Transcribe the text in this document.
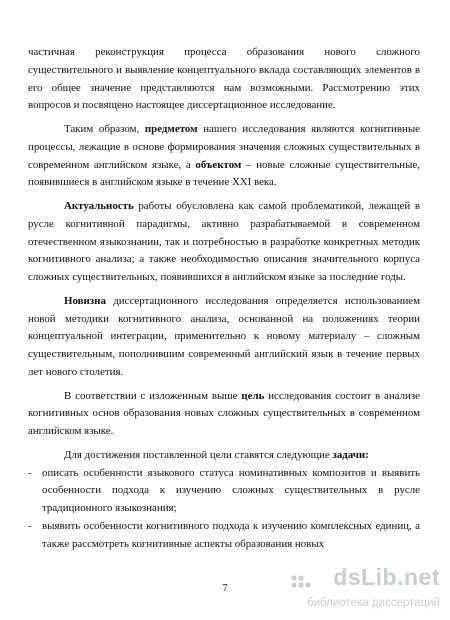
частичная реконструкция процесса образования нового сложного существительного и выявление концептуального вклада составляющих элементов в его общее значение представляются нам возможными. Рассмотрению этих вопросов и посвящено настоящее диссертационное исследование.

Таким образом, предметом нашего исследования являются когнитивные процессы, лежащие в основе формирования значения сложных существительных в современном английском языке, а объектом – новые сложные существительные, появившиеся в английском языке в течение XXI века.

Актуальность работы обусловлена как самой проблематикой, лежащей в русле когнитивной парадигмы, активно разрабатываемой в современном отечественном языкознании, так и потребностью в разработке конкретных методик когнитивного анализа; а также необходимостью описания значительного корпуса сложных существительных, появившихся в английском языке за последние годы.

Новизна диссертационного исследования определяется использованием новой методики когнитивного анализа, основанной на положениях теории концептуальной интеграции, применительно к новому материалу – сложным существительным, пополнившим современный английский язык в течение первых лет нового столетия.

В соответствии с изложенным выше цель исследования состоит в анализе когнитивных основ образования новых сложных существительных в современном английском языке.

Для достижения поставленной цели ставятся следующие задачи:

- описать особенности языкового статуса номинативных композитов и выявить особенности подхода к изучению сложных существительных в русле традиционного языкознания;
- выявить особенности когнитивного подхода к изучению комплексных единиц, а также рассмотреть когнитивные аспекты образования новых
7	dsLib.net
библиотека диссертаций
